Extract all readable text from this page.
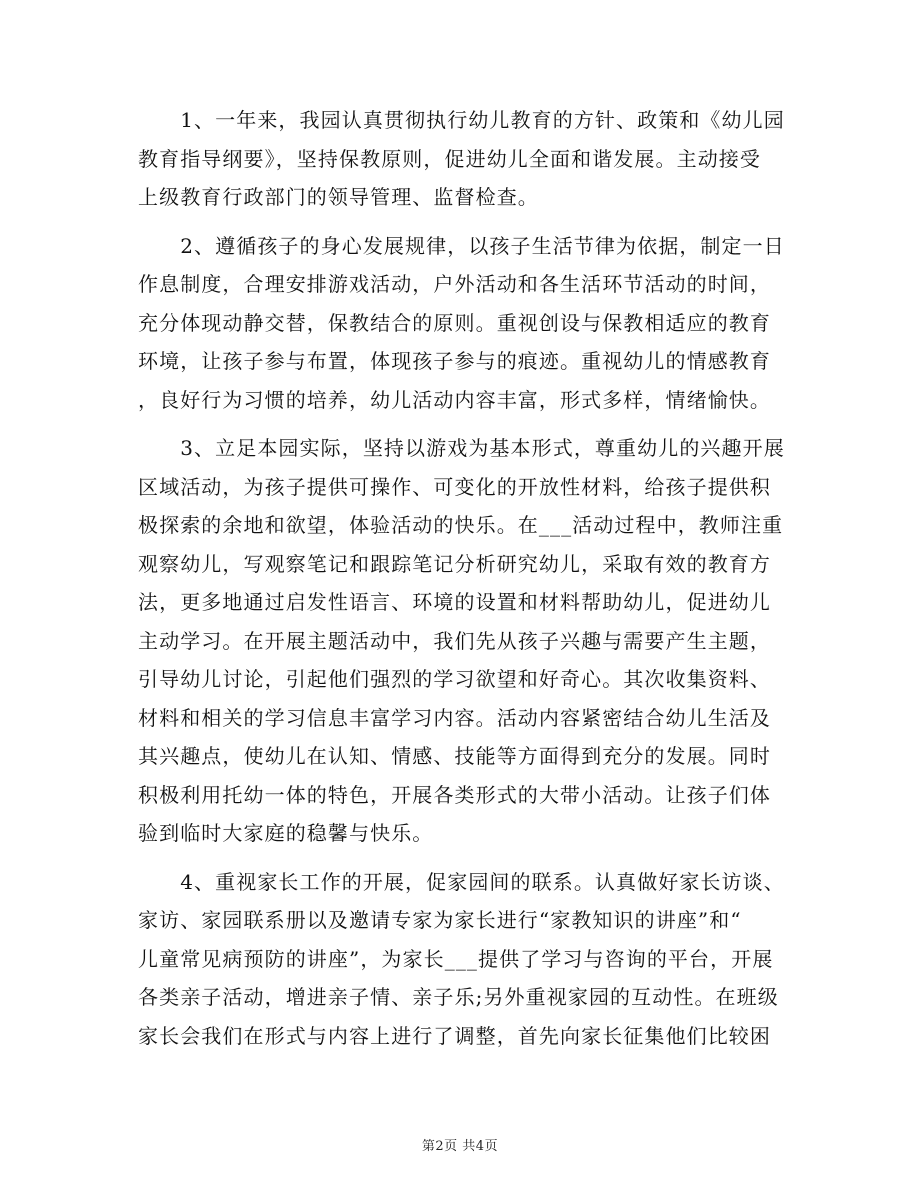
　　1、一年来，我园认真贯彻执行幼儿教育的方针、政策和《幼儿园
教育指导纲要》，坚持保教原则，促进幼儿全面和谐发展。主动接受
上级教育行政部门的领导管理、监督检查。

　　2、遵循孩子的身心发展规律，以孩子生活节律为依据，制定一日
作息制度，合理安排游戏活动，户外活动和各生活环节活动的时间，
充分体现动静交替，保教结合的原则。重视创设与保教相适应的教育
环境，让孩子参与布置，体现孩子参与的痕迹。重视幼儿的情感教育
，良好行为习惯的培养，幼儿活动内容丰富，形式多样，情绪愉快。

　　3、立足本园实际，坚持以游戏为基本形式，尊重幼儿的兴趣开展
区域活动，为孩子提供可操作、可变化的开放性材料，给孩子提供积
极探索的余地和欲望，体验活动的快乐。在___活动过程中，教师注重
观察幼儿，写观察笔记和跟踪笔记分析研究幼儿，采取有效的教育方
法，更多地通过启发性语言、环境的设置和材料帮助幼儿，促进幼儿
主动学习。在开展主题活动中，我们先从孩子兴趣与需要产生主题，
引导幼儿讨论，引起他们强烈的学习欲望和好奇心。其次收集资料、
材料和相关的学习信息丰富学习内容。活动内容紧密结合幼儿生活及
其兴趣点，使幼儿在认知、情感、技能等方面得到充分的发展。同时
积极利用托幼一体的特色，开展各类形式的大带小活动。让孩子们体
验到临时大家庭的稳馨与快乐。

　　4、重视家长工作的开展，促家园间的联系。认真做好家长访谈、
家访、家园联系册以及邀请专家为家长进行“家教知识的讲座”和“
儿童常见病预防的讲座”，为家长___提供了学习与咨询的平台，开展
各类亲子活动，增进亲子情、亲子乐;另外重视家园的互动性。在班级
家长会我们在形式与内容上进行了调整，首先向家长征集他们比较困

第2页 共4页
